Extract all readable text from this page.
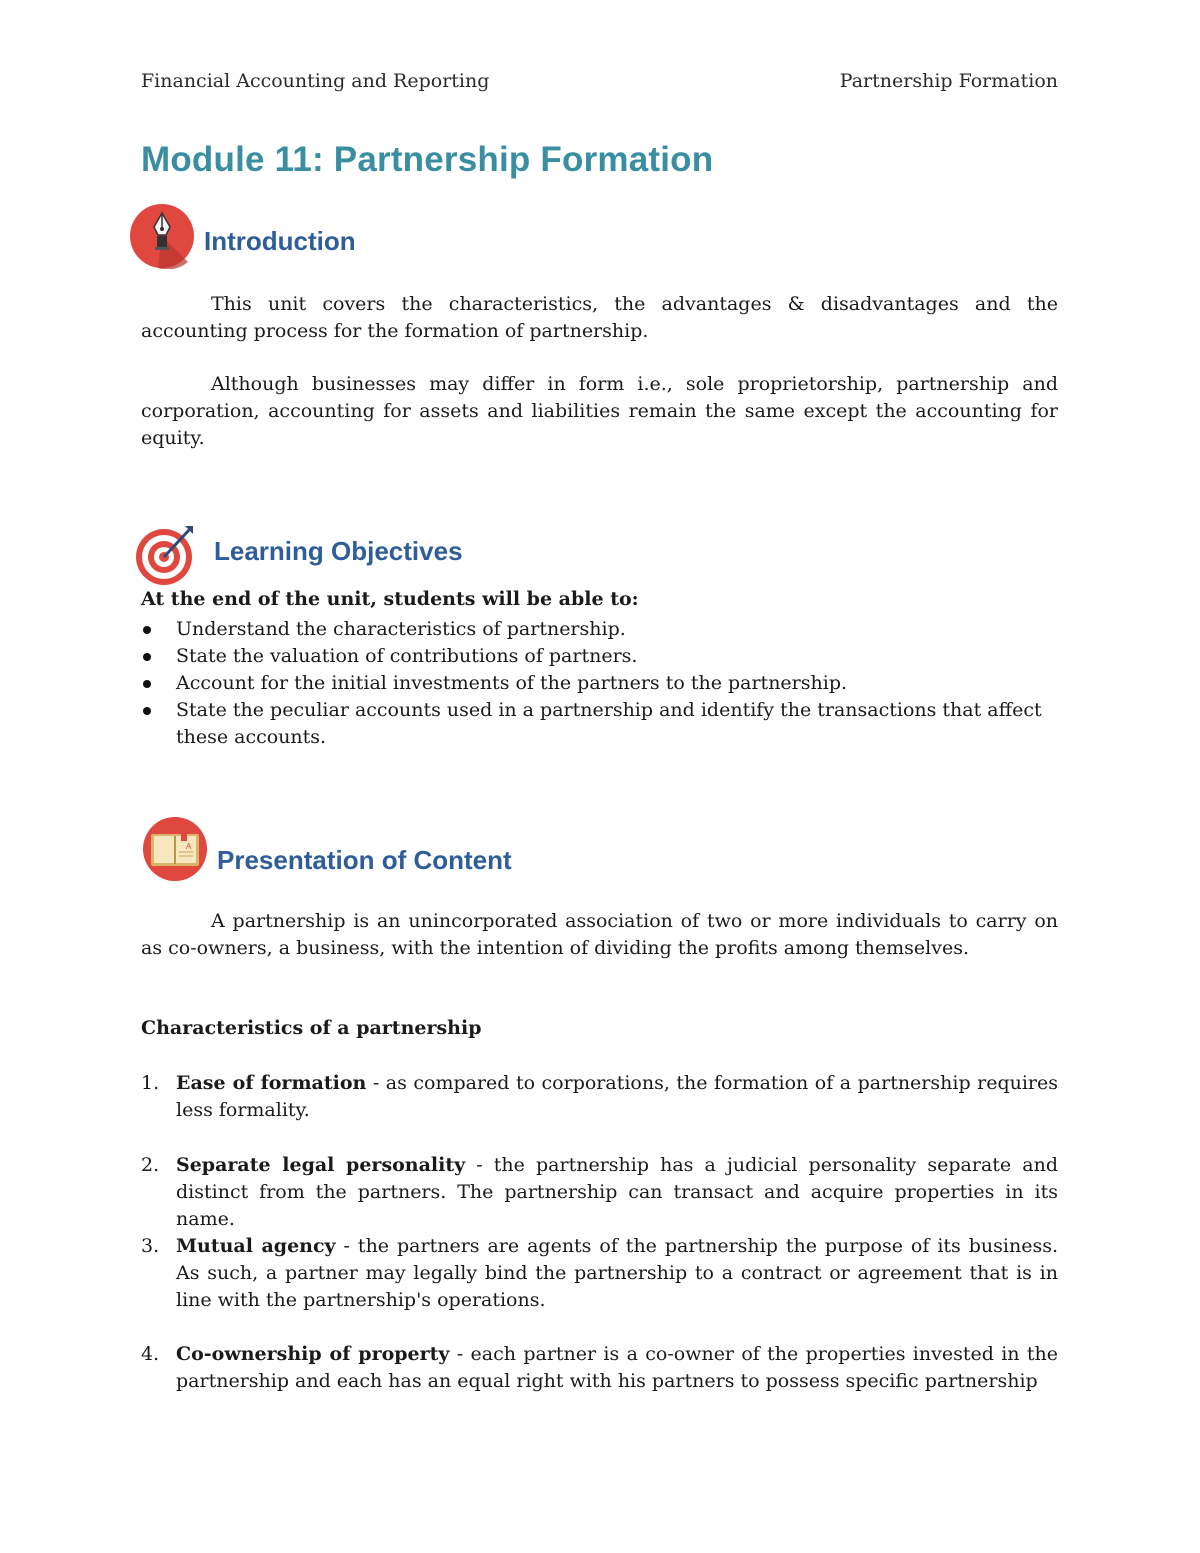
Financial Accounting and Reporting	Partnership Formation
Module 11: Partnership Formation
Introduction

This unit covers the characteristics, the advantages & disadvantages and the accounting process for the formation of partnership.

Although businesses may differ in form i.e., sole proprietorship, partnership and corporation, accounting for assets and liabilities remain the same except the accounting for equity.

Learning Objectives
At the end of the unit, students will be able to:
Understand the characteristics of partnership.
State the valuation of contributions of partners.
Account for the initial investments of the partners to the partnership.
State the peculiar accounts used in a partnership and identify the transactions that affect these accounts.
A Presentation of Content

A partnership is an unincorporated association of two or more individuals to carry on as co-owners, a business, with the intention of dividing the profits among themselves.

Characteristics of a partnership
1. Ease of formation - as compared to corporations, the formation of a partnership requires less formality.
2. Separate legal personality - the partnership has a judicial personality separate and distinct from the partners. The partnership can transact and acquire properties in its name.
3. Mutual agency - the partners are agents of the partnership the purpose of its business. As such, a partner may legally bind the partnership to a contract or agreement that is in line with the partnership's operations.
4. Co-ownership of property - each partner is a co-owner of the properties invested in the partnership and each has an equal right with his partners to possess specific partnership
